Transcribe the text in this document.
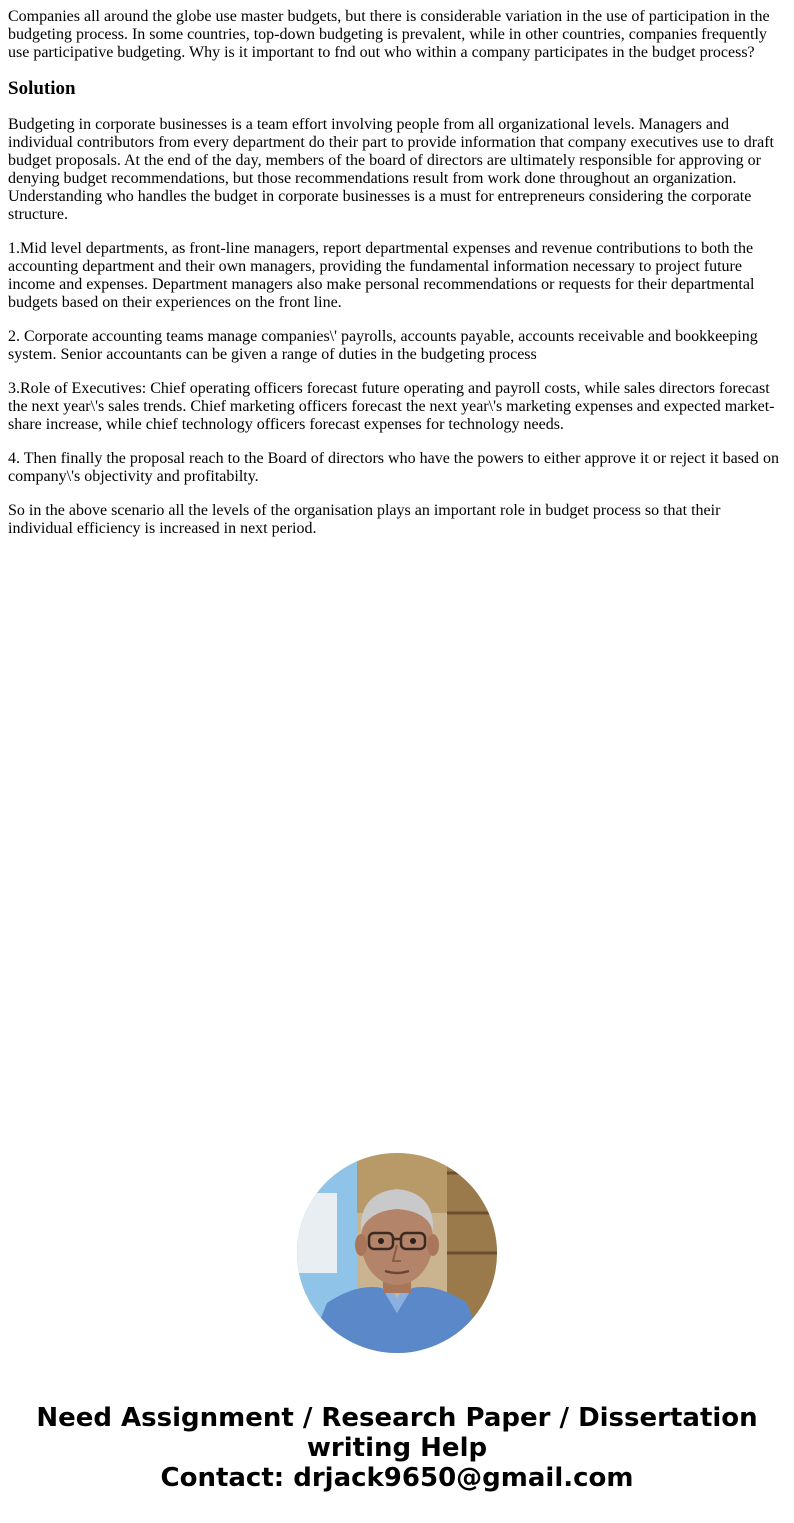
Companies all around the globe use master budgets, but there is considerable variation in the use of participation in the budgeting process. In some countries, top-down budgeting is prevalent, while in other countries, companies frequently use participative budgeting. Why is it important to fnd out who within a company participates in the budget process?
Solution
Budgeting in corporate businesses is a team effort involving people from all organizational levels. Managers and individual contributors from every department do their part to provide information that company executives use to draft budget proposals. At the end of the day, members of the board of directors are ultimately responsible for approving or denying budget recommendations, but those recommendations result from work done throughout an organization. Understanding who handles the budget in corporate businesses is a must for entrepreneurs considering the corporate structure.
1.Mid level departments, as front-line managers, report departmental expenses and revenue contributions to both the accounting department and their own managers, providing the fundamental information necessary to project future income and expenses. Department managers also make personal recommendations or requests for their departmental budgets based on their experiences on the front line.
2. Corporate accounting teams manage companies\' payrolls, accounts payable, accounts receivable and bookkeeping system. Senior accountants can be given a range of duties in the budgeting process
3.Role of Executives: Chief operating officers forecast future operating and payroll costs, while sales directors forecast the next year\'s sales trends. Chief marketing officers forecast the next year\'s marketing expenses and expected market-share increase, while chief technology officers forecast expenses for technology needs.
4. Then finally the proposal reach to the Board of directors who have the powers to either approve it or reject it based on company\'s objectivity and profitabilty.
So in the above scenario all the levels of the organisation plays an important role in budget process so that their individual efficiency is increased in next period.
Need Assignment / Research Paper / Dissertation
writing Help
Contact: drjack9650@gmail.com
